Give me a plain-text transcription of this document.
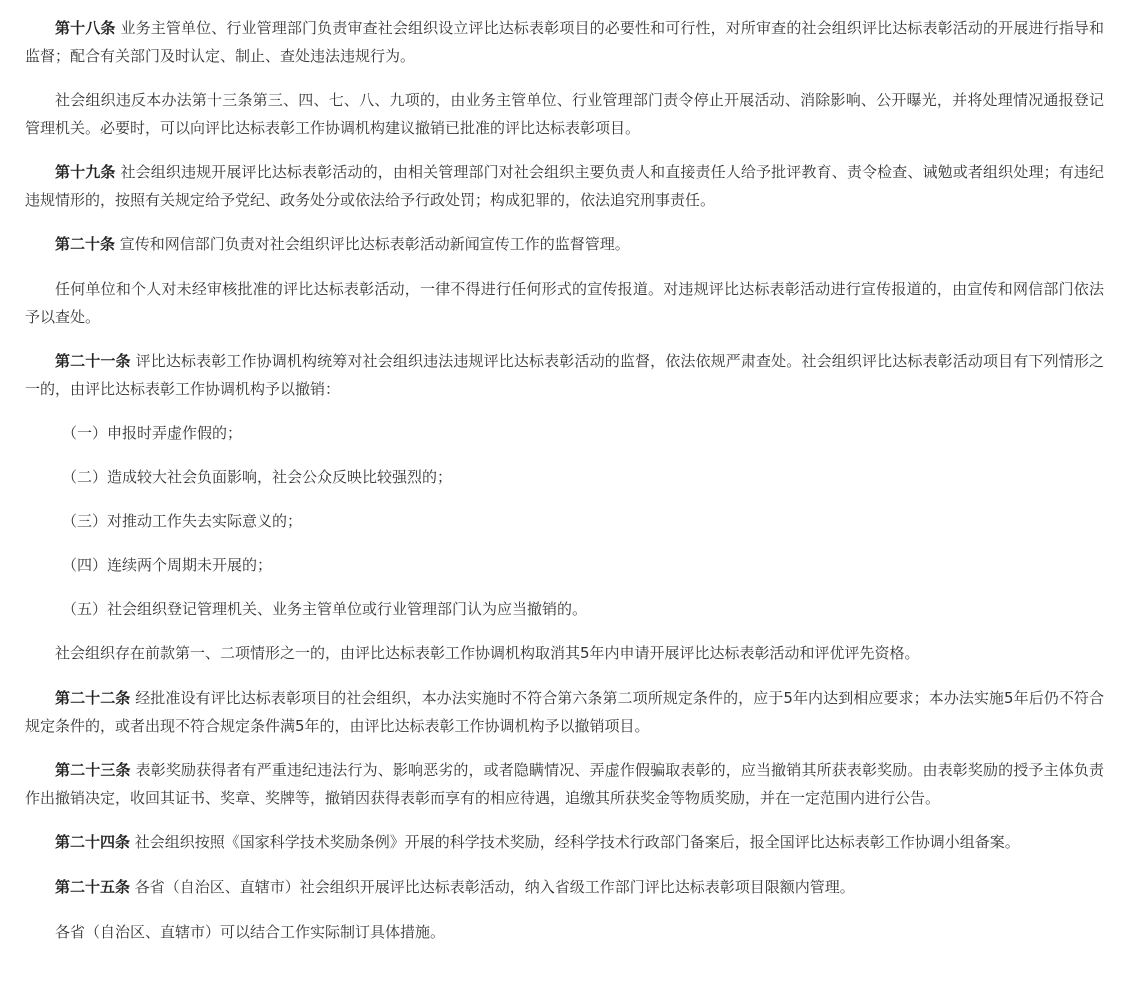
第十八条 业务主管单位、行业管理部门负责审查社会组织设立评比达标表彰项目的必要性和可行性，对所审查的社会组织评比达标表彰活动的开展进行指导和监督；配合有关部门及时认定、制止、查处违法违规行为。

社会组织违反本办法第十三条第三、四、七、八、九项的，由业务主管单位、行业管理部门责令停止开展活动、消除影响、公开曝光，并将处理情况通报登记管理机关。必要时，可以向评比达标表彰工作协调机构建议撤销已批准的评比达标表彰项目。

第十九条 社会组织违规开展评比达标表彰活动的，由相关管理部门对社会组织主要负责人和直接责任人给予批评教育、责令检查、诫勉或者组织处理；有违纪违规情形的，按照有关规定给予党纪、政务处分或依法给予行政处罚；构成犯罪的，依法追究刑事责任。

第二十条 宣传和网信部门负责对社会组织评比达标表彰活动新闻宣传工作的监督管理。

任何单位和个人对未经审核批准的评比达标表彰活动，一律不得进行任何形式的宣传报道。对违规评比达标表彰活动进行宣传报道的，由宣传和网信部门依法予以查处。

第二十一条 评比达标表彰工作协调机构统筹对社会组织违法违规评比达标表彰活动的监督，依法依规严肃查处。社会组织评比达标表彰活动项目有下列情形之一的，由评比达标表彰工作协调机构予以撤销：

（一）申报时弄虚作假的；

（二）造成较大社会负面影响，社会公众反映比较强烈的；

（三）对推动工作失去实际意义的；

（四）连续两个周期未开展的；

（五）社会组织登记管理机关、业务主管单位或行业管理部门认为应当撤销的。

社会组织存在前款第一、二项情形之一的，由评比达标表彰工作协调机构取消其5年内申请开展评比达标表彰活动和评优评先资格。

第二十二条 经批准设有评比达标表彰项目的社会组织，本办法实施时不符合第六条第二项所规定条件的，应于5年内达到相应要求；本办法实施5年后仍不符合规定条件的，或者出现不符合规定条件满5年的，由评比达标表彰工作协调机构予以撤销项目。

第二十三条 表彰奖励获得者有严重违纪违法行为、影响恶劣的，或者隐瞒情况、弄虚作假骗取表彰的，应当撤销其所获表彰奖励。由表彰奖励的授予主体负责作出撤销决定，收回其证书、奖章、奖牌等，撤销因获得表彰而享有的相应待遇，追缴其所获奖金等物质奖励，并在一定范围内进行公告。

第二十四条 社会组织按照《国家科学技术奖励条例》开展的科学技术奖励，经科学技术行政部门备案后，报全国评比达标表彰工作协调小组备案。

第二十五条 各省（自治区、直辖市）社会组织开展评比达标表彰活动，纳入省级工作部门评比达标表彰项目限额内管理。

各省（自治区、直辖市）可以结合工作实际制订具体措施。
